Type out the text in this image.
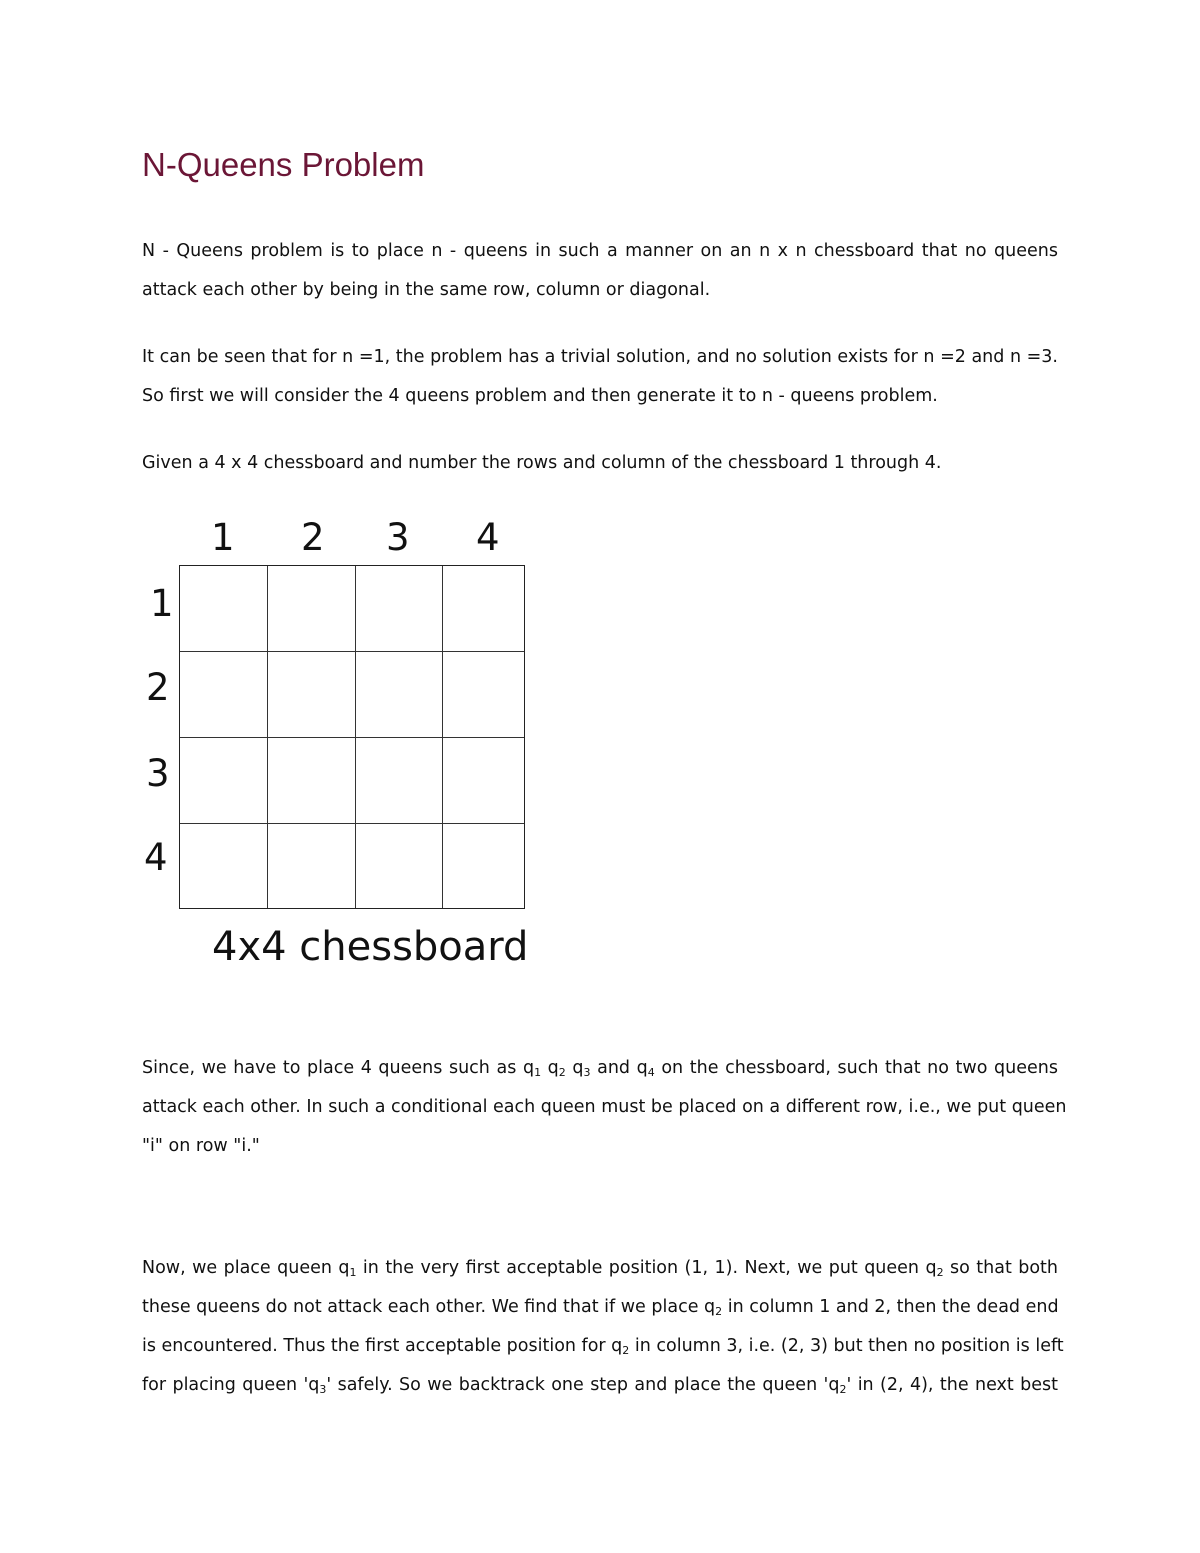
N-Queens Problem
N - Queens problem is to place n - queens in such a manner on an n x n chessboard that no queens
attack each other by being in the same row, column or diagonal.
It can be seen that for n =1, the problem has a trivial solution, and no solution exists for n =2 and n =3.
So first we will consider the 4 queens problem and then generate it to n - queens problem.
Given a 4 x 4 chessboard and number the rows and column of the chessboard 1 through 4.
1 2 3 4
1
2
3
4
4x4 chessboard
Since, we have to place 4 queens such as $q_1$ $q_2$ $q_3$ and $q_4$ on the chessboard, such that no two queens
attack each other. In such a conditional each queen must be placed on a different row, i.e., we put queen
"i" on row "i."
Now, we place queen $q_1$ in the very first acceptable position (1, 1). Next, we put queen $q_2$ so that both
these queens do not attack each other. We find that if we place $q_2$ in column 1 and 2, then the dead end
is encountered. Thus the first acceptable position for $q_2$ in column 3, i.e. (2, 3) but then no position is left
for placing queen '$q_3$' safely. So we backtrack one step and place the queen '$q_2$' in (2, 4), the next best
